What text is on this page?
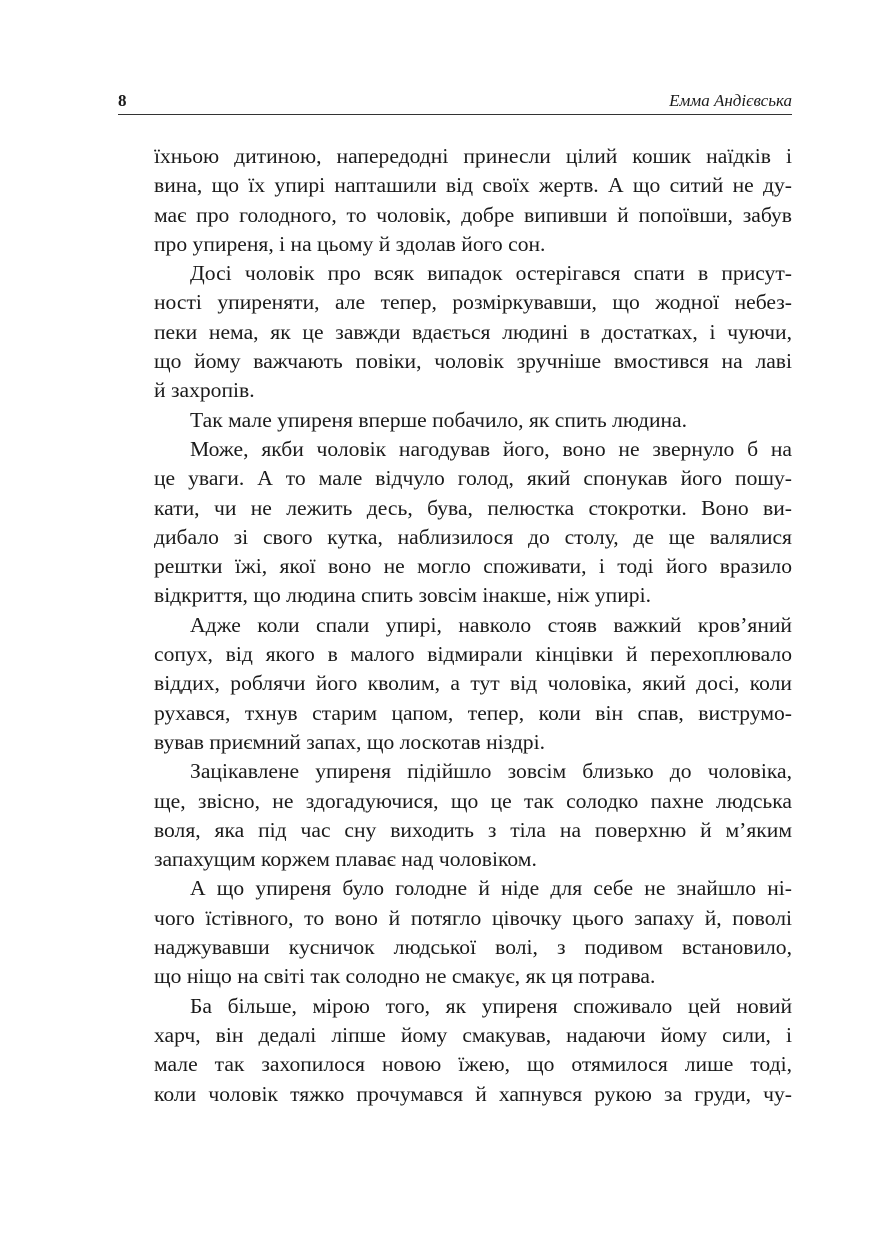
8	Емма Андієвська
їхньою дитиною, напередодні принесли цілий кошик наїдків і
вина, що їх упирі напташили від своїх жертв. А що ситий не ду-
має про голодного, то чоловік, добре випивши й попоївши, забув
про упиреня, і на цьому й здолав його сон.
Досі чоловік про всяк випадок остерігався спати в присут-
ності упиреняти, але тепер, розміркувавши, що жодної небез-
пеки нема, як це завжди вдається людині в достатках, і чуючи,
що йому важчають повіки, чоловік зручніше вмостився на лаві
й захропів.
Так мале упиреня вперше побачило, як спить людина.
Може, якби чоловік нагодував його, воно не звернуло б на
це уваги. А то мале відчуло голод, який спонукав його пошу-
кати, чи не лежить десь, бува, пелюстка стокротки. Воно ви-
дибало зі свого кутка, наблизилося до столу, де ще валялися
рештки їжі, якої воно не могло споживати, і тоді його вразило
відкриття, що людина спить зовсім інакше, ніж упирі.
Адже коли спали упирі, навколо стояв важкий кров’яний
сопух, від якого в малого відмирали кінцівки й перехоплювало
віддих, роблячи його кволим, а тут від чоловіка, який досі, коли
рухався, тхнув старим цапом, тепер, коли він спав, виструмо-
вував приємний запах, що лоскотав ніздрі.
Зацікавлене упиреня підійшло зовсім близько до чоловіка,
ще, звісно, не здогадуючися, що це так солодко пахне людська
воля, яка під час сну виходить з тіла на поверхню й м’яким
запахущим коржем плаває над чоловіком.
А що упиреня було голодне й ніде для себе не знайшло ні-
чого їстівного, то воно й потягло цівочку цього запаху й, поволі
наджувавши кусничок людської волі, з подивом встановило,
що ніщо на світі так солодно не смакує, як ця потрава.
Ба більше, мірою того, як упиреня споживало цей новий
харч, він дедалі ліпше йому смакував, надаючи йому сили, і
мале так захопилося новою їжею, що отямилося лише тоді,
коли чоловік тяжко прочумався й хапнувся рукою за груди, чу-
